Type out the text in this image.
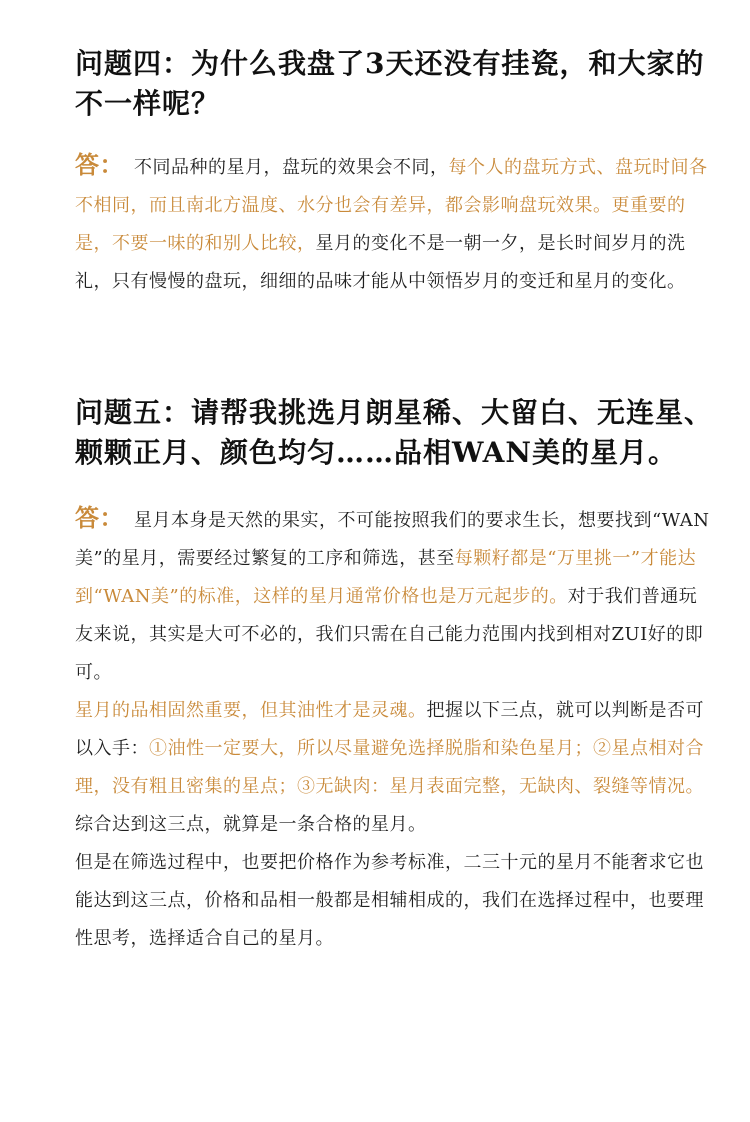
问题四：为什么我盘了3天还没有挂瓷，和大家的不一样呢？

答： 不同品种的星月，盘玩的效果会不同，每个人的盘玩方式、盘玩时间各不相同，而且南北方温度、水分也会有差异，都会影响盘玩效果。更重要的是，不要一味的和别人比较，星月的变化不是一朝一夕，是长时间岁月的洗礼，只有慢慢的盘玩，细细的品味才能从中领悟岁月的变迁和星月的变化。

问题五：请帮我挑选月朗星稀、大留白、无连星、颗颗正月、颜色均匀……品相WAN美的星月。

答： 星月本身是天然的果实，不可能按照我们的要求生长，想要找到“WAN美”的星月，需要经过繁复的工序和筛选，甚至每颗籽都是“万里挑一”才能达到“WAN美”的标准，这样的星月通常价格也是万元起步的。对于我们普通玩友来说，其实是大可不必的，我们只需在自己能力范围内找到相对ZUI好的即可。
星月的品相固然重要，但其油性才是灵魂。把握以下三点，就可以判断是否可以入手：①油性一定要大，所以尽量避免选择脱脂和染色星月；②星点相对合理，没有粗且密集的星点；③无缺肉：星月表面完整，无缺肉、裂缝等情况。综合达到这三点，就算是一条合格的星月。
但是在筛选过程中，也要把价格作为参考标准，二三十元的星月不能奢求它也能达到这三点，价格和品相一般都是相辅相成的，我们在选择过程中，也要理性思考，选择适合自己的星月。
